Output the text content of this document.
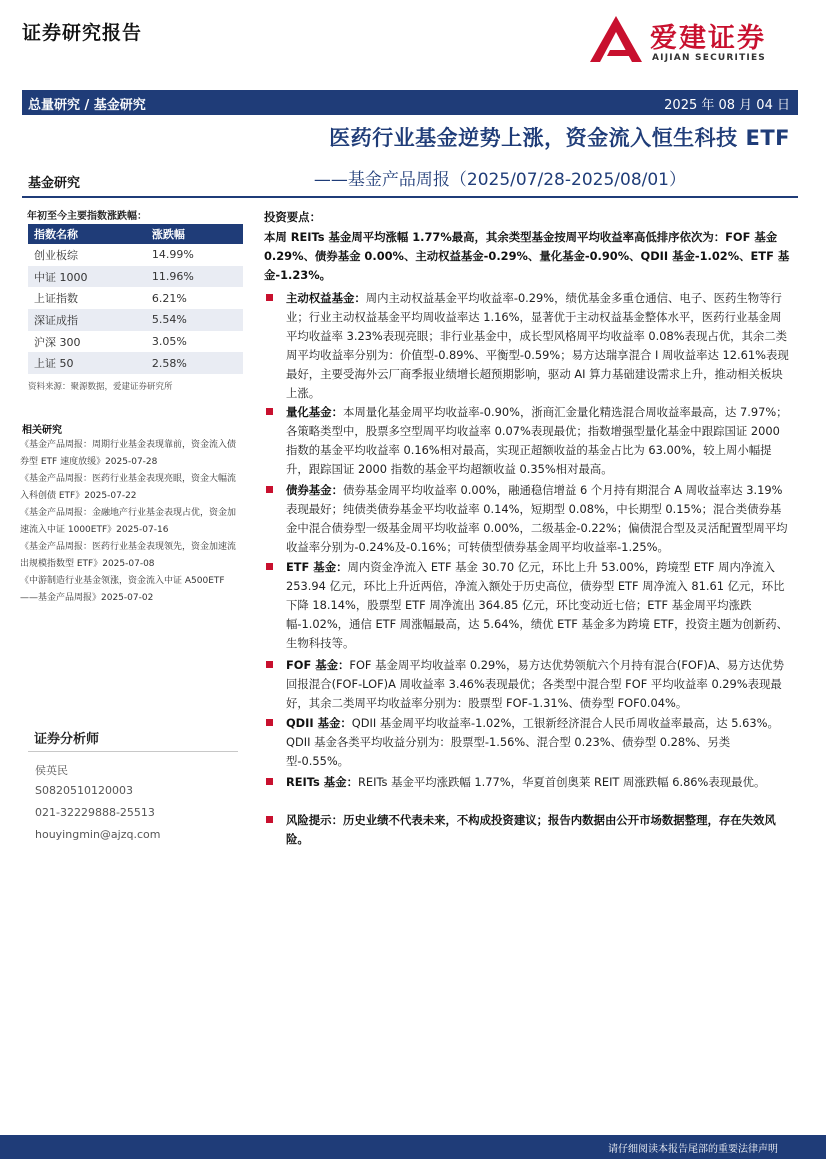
证券研究报告	爱建证券
AIJIAN SECURITIES
总量研究 / 基金研究	2025 年 08 月 04 日
医药行业基金逆势上涨，资金流入恒生科技 ETF
基金研究	——基金产品周报（2025/07/28-2025/08/01）
年初至今主要指数涨跌幅：
指数名称	涨跌幅
创业板综	14.99%
中证 1000	11.96%
上证指数	6.21%
深证成指	5.54%
沪深 300	3.05%
上证 50	2.58%
资料来源：聚源数据，爱建证券研究所
相关研究
《基金产品周报：周期行业基金表现靠前，资金流入债券型 ETF 速度放缓》2025-07-28
《基金产品周报：医药行业基金表现亮眼，资金大幅流入科创债 ETF》2025-07-22
《基金产品周报：金融地产行业基金表现占优，资金加速流入中证 1000ETF》2025-07-16
《基金产品周报：医药行业基金表现领先，资金加速流出规模指数型 ETF》2025-07-08
《中游制造行业基金领涨，资金流入中证 A500ETF——基金产品周报》2025-07-02
证券分析师
侯英民
S0820510120003
021-32229888-25513
houyingmin@ajzq.com
投资要点：
本周 REITs 基金周平均涨幅 1.77%最高，其余类型基金按周平均收益率高低排序依次为：FOF 基金 0.29%、债券基金 0.00%、主动权益基金-0.29%、量化基金-0.90%、QDII 基金-1.02%、ETF 基金-1.23%。
主动权益基金：周内主动权益基金平均收益率-0.29%，绩优基金多重仓通信、电子、医药生物等行业；行业主动权益基金平均周收益率达 1.16%，显著优于主动权益基金整体水平，医药行业基金周平均收益率 3.23%表现亮眼；非行业基金中，成长型风格周平均收益率 0.08%表现占优，其余二类周平均收益率分别为：价值型-0.89%、平衡型-0.59%；易方达瑞享混合 I 周收益率达 12.61%表现最好，主要受海外云厂商季报业绩增长超预期影响，驱动 AI 算力基础建设需求上升，推动相关板块上涨。
量化基金：本周量化基金周平均收益率-0.90%，浙商汇金量化精选混合周收益率最高，达 7.97%；各策略类型中，股票多空型周平均收益率 0.07%表现最优；指数增强型量化基金中跟踪国证 2000 指数的基金平均收益率 0.16%相对最高，实现正超额收益的基金占比为 63.00%，较上周小幅提升，跟踪国证 2000 指数的基金平均超额收益 0.35%相对最高。
债券基金：债券基金周平均收益率 0.00%，融通稳信增益 6 个月持有期混合 A 周收益率达 3.19%表现最好；纯债类债券基金平均收益率 0.14%，短期型 0.08%，中长期型 0.15%；混合类债券基金中混合债券型一级基金周平均收益率 0.00%，二级基金-0.22%；偏债混合型及灵活配置型周平均收益率分别为-0.24%及-0.16%；可转债型债券基金周平均收益率-1.25%。
ETF 基金：周内资金净流入 ETF 基金 30.70 亿元，环比上升 53.00%，跨境型 ETF 周内净流入 253.94 亿元，环比上升近两倍，净流入额处于历史高位，债券型 ETF 周净流入 81.61 亿元，环比下降 18.14%，股票型 ETF 周净流出 364.85 亿元，环比变动近七倍；ETF 基金周平均涨跌幅-1.02%，通信 ETF 周涨幅最高，达 5.64%，绩优 ETF 基金多为跨境 ETF，投资主题为创新药、生物科技等。
FOF 基金：FOF 基金周平均收益率 0.29%，易方达优势领航六个月持有混合(FOF)A、易方达优势回报混合(FOF-LOF)A 周收益率 3.46%表现最优；各类型中混合型 FOF 平均收益率 0.29%表现最好，其余二类周平均收益率分别为：股票型 FOF-1.31%、债券型 FOF0.04%。
QDII 基金：QDII 基金周平均收益率-1.02%，工银新经济混合人民币周收益率最高，达 5.63%。QDII 基金各类平均收益分别为：股票型-1.56%、混合型 0.23%、债券型 0.28%、另类型-0.55%。
REITs 基金：REITs 基金平均涨跌幅 1.77%，华夏首创奥莱 REIT 周涨跌幅 6.86%表现最优。
风险提示：历史业绩不代表未来，不构成投资建议；报告内数据由公开市场数据整理，存在失效风险。
请仔细阅读本报告尾部的重要法律声明
